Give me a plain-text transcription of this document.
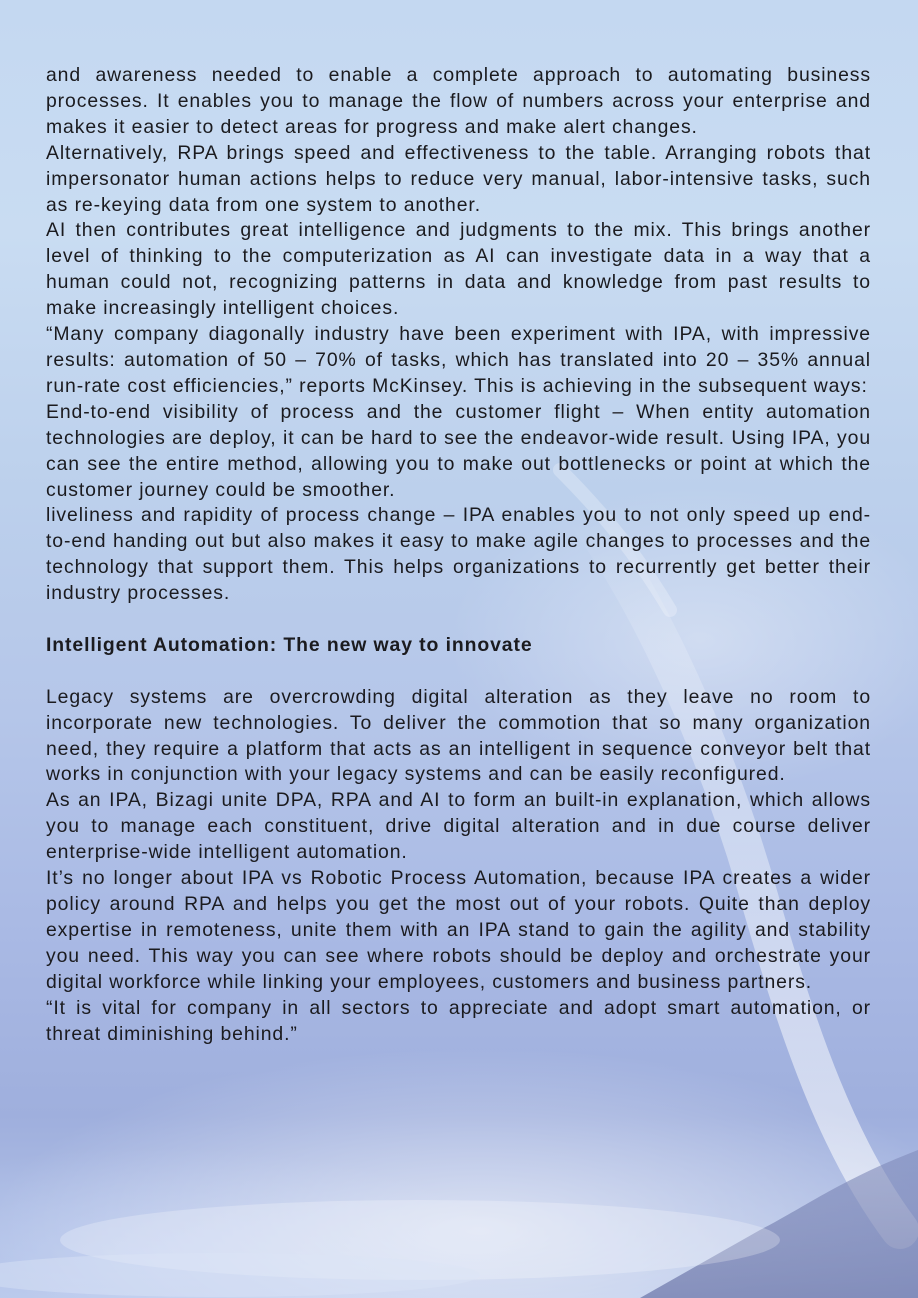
and awareness needed to enable a complete approach to automating business processes. It enables you to manage the flow of numbers across your enterprise and makes it easier to detect areas for progress and make alert changes.

Alternatively, RPA brings speed and effectiveness to the table. Arranging robots that impersonator human actions helps to reduce very manual, labor-intensive tasks, such as re-keying data from one system to another.

AI then contributes great intelligence and judgments to the mix. This brings another level of thinking to the computerization as AI can investigate data in a way that a human could not, recognizing patterns in data and knowledge from past results to make increasingly intelligent choices.

“Many company diagonally industry have been experiment with IPA, with impressive results: automation of 50 – 70% of tasks, which has translated into 20 – 35% annual run-rate cost efficiencies,” reports McKinsey. This is achieving in the subsequent ways:

End-to-end visibility of process and the customer flight – When entity automation technologies are deploy, it can be hard to see the endeavor-wide result. Using IPA, you can see the entire method, allowing you to make out bottlenecks or point at which the customer journey could be smoother.

liveliness and rapidity of process change – IPA enables you to not only speed up end-to-end handing out but also makes it easy to make agile changes to processes and the technology that support them. This helps organizations to recurrently get better their industry processes.

Intelligent Automation: The new way to innovate

Legacy systems are overcrowding digital alteration as they leave no room to incorporate new technologies. To deliver the commotion that so many organization need, they require a platform that acts as an intelligent in sequence conveyor belt that works in conjunction with your legacy systems and can be easily reconfigured.

As an IPA, Bizagi unite DPA, RPA and AI to form an built-in explanation, which allows you to manage each constituent, drive digital alteration and in due course deliver enterprise-wide intelligent automation.

It’s no longer about IPA vs Robotic Process Automation, because IPA creates a wider policy around RPA and helps you get the most out of your robots. Quite than deploy expertise in remoteness, unite them with an IPA stand to gain the agility and stability you need. This way you can see where robots should be deploy and orchestrate your digital workforce while linking your employees, customers and business partners.

“It is vital for company in all sectors to appreciate and adopt smart automation, or threat diminishing behind.”
